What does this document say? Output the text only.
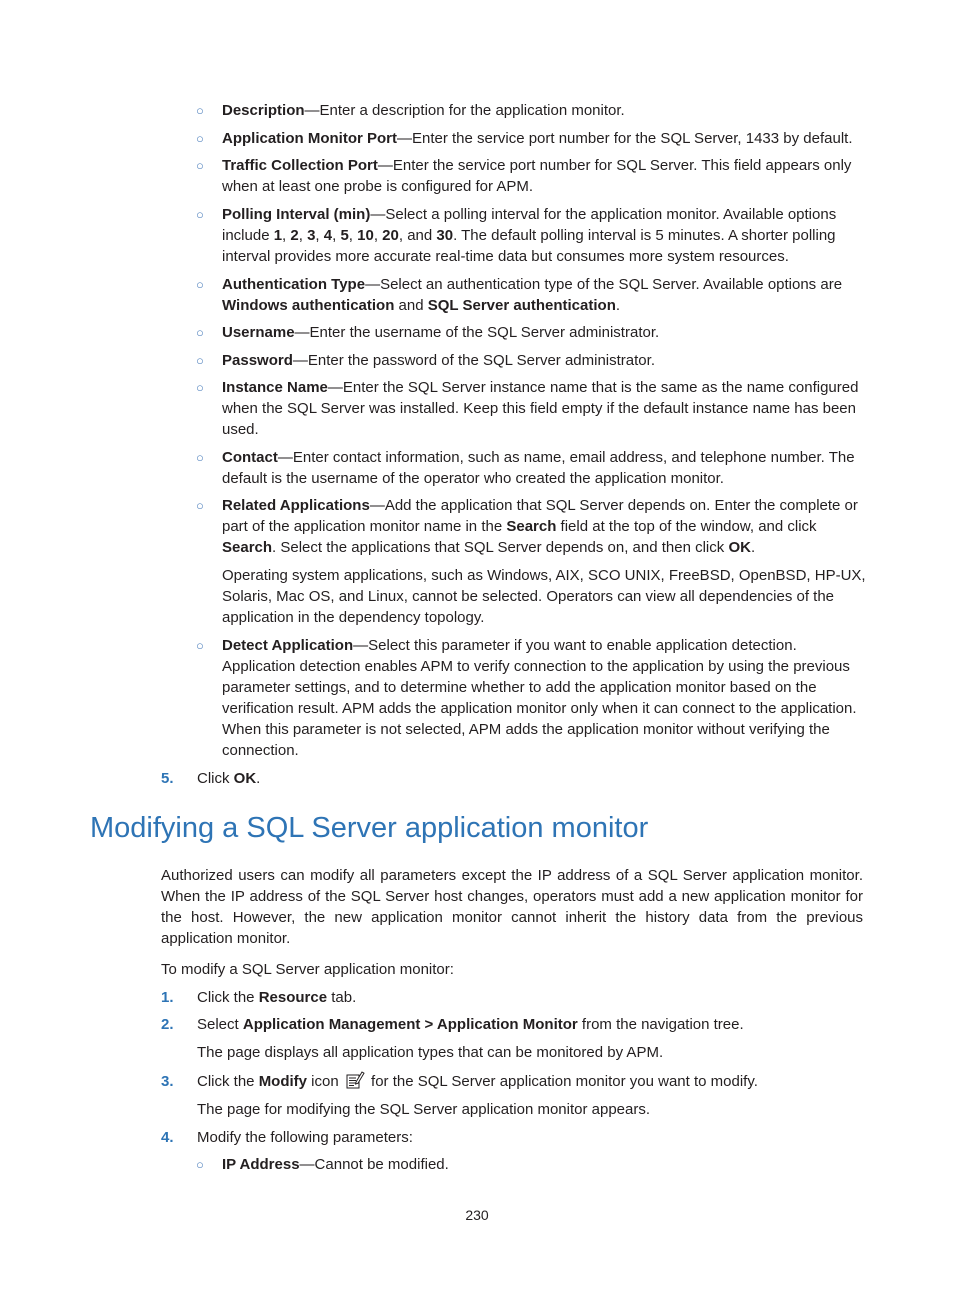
○	Description—Enter a description for the application monitor.
○	Application Monitor Port—Enter the service port number for the SQL Server, 1433 by default.
○	Traffic Collection Port—Enter the service port number for SQL Server. This field appears only when at least one probe is configured for APM.
○	Polling Interval (min)—Select a polling interval for the application monitor. Available options include 1, 2, 3, 4, 5, 10, 20, and 30. The default polling interval is 5 minutes. A shorter polling interval provides more accurate real-time data but consumes more system resources.
○	Authentication Type—Select an authentication type of the SQL Server. Available options are Windows authentication and SQL Server authentication.
○	Username—Enter the username of the SQL Server administrator.
○	Password—Enter the password of the SQL Server administrator.
○	Instance Name—Enter the SQL Server instance name that is the same as the name configured when the SQL Server was installed. Keep this field empty if the default instance name has been used.
○	Contact—Enter contact information, such as name, email address, and telephone number. The default is the username of the operator who created the application monitor.
○	Related Applications—Add the application that SQL Server depends on. Enter the complete or part of the application monitor name in the Search field at the top of the window, and click Search. Select the applications that SQL Server depends on, and then click OK.
Operating system applications, such as Windows, AIX, SCO UNIX, FreeBSD, OpenBSD, HP-UX, Solaris, Mac OS, and Linux, cannot be selected. Operators can view all dependencies of the application in the dependency topology.
○	Detect Application—Select this parameter if you want to enable application detection. Application detection enables APM to verify connection to the application by using the previous parameter settings, and to determine whether to add the application monitor based on the verification result. APM adds the application monitor only when it can connect to the application. When this parameter is not selected, APM adds the application monitor without verifying the connection.
5. Click OK.
Modifying a SQL Server application monitor
Authorized users can modify all parameters except the IP address of a SQL Server application monitor. When the IP address of the SQL Server host changes, operators must add a new application monitor for the host. However, the new application monitor cannot inherit the history data from the previous application monitor.
To modify a SQL Server application monitor:
1. Click the Resource tab.
2. Select Application Management > Application Monitor from the navigation tree.
The page displays all application types that can be monitored by APM.
3. Click the Modify icon  for the SQL Server application monitor you want to modify.
The page for modifying the SQL Server application monitor appears.
4. Modify the following parameters:
○	IP Address—Cannot be modified.
230
